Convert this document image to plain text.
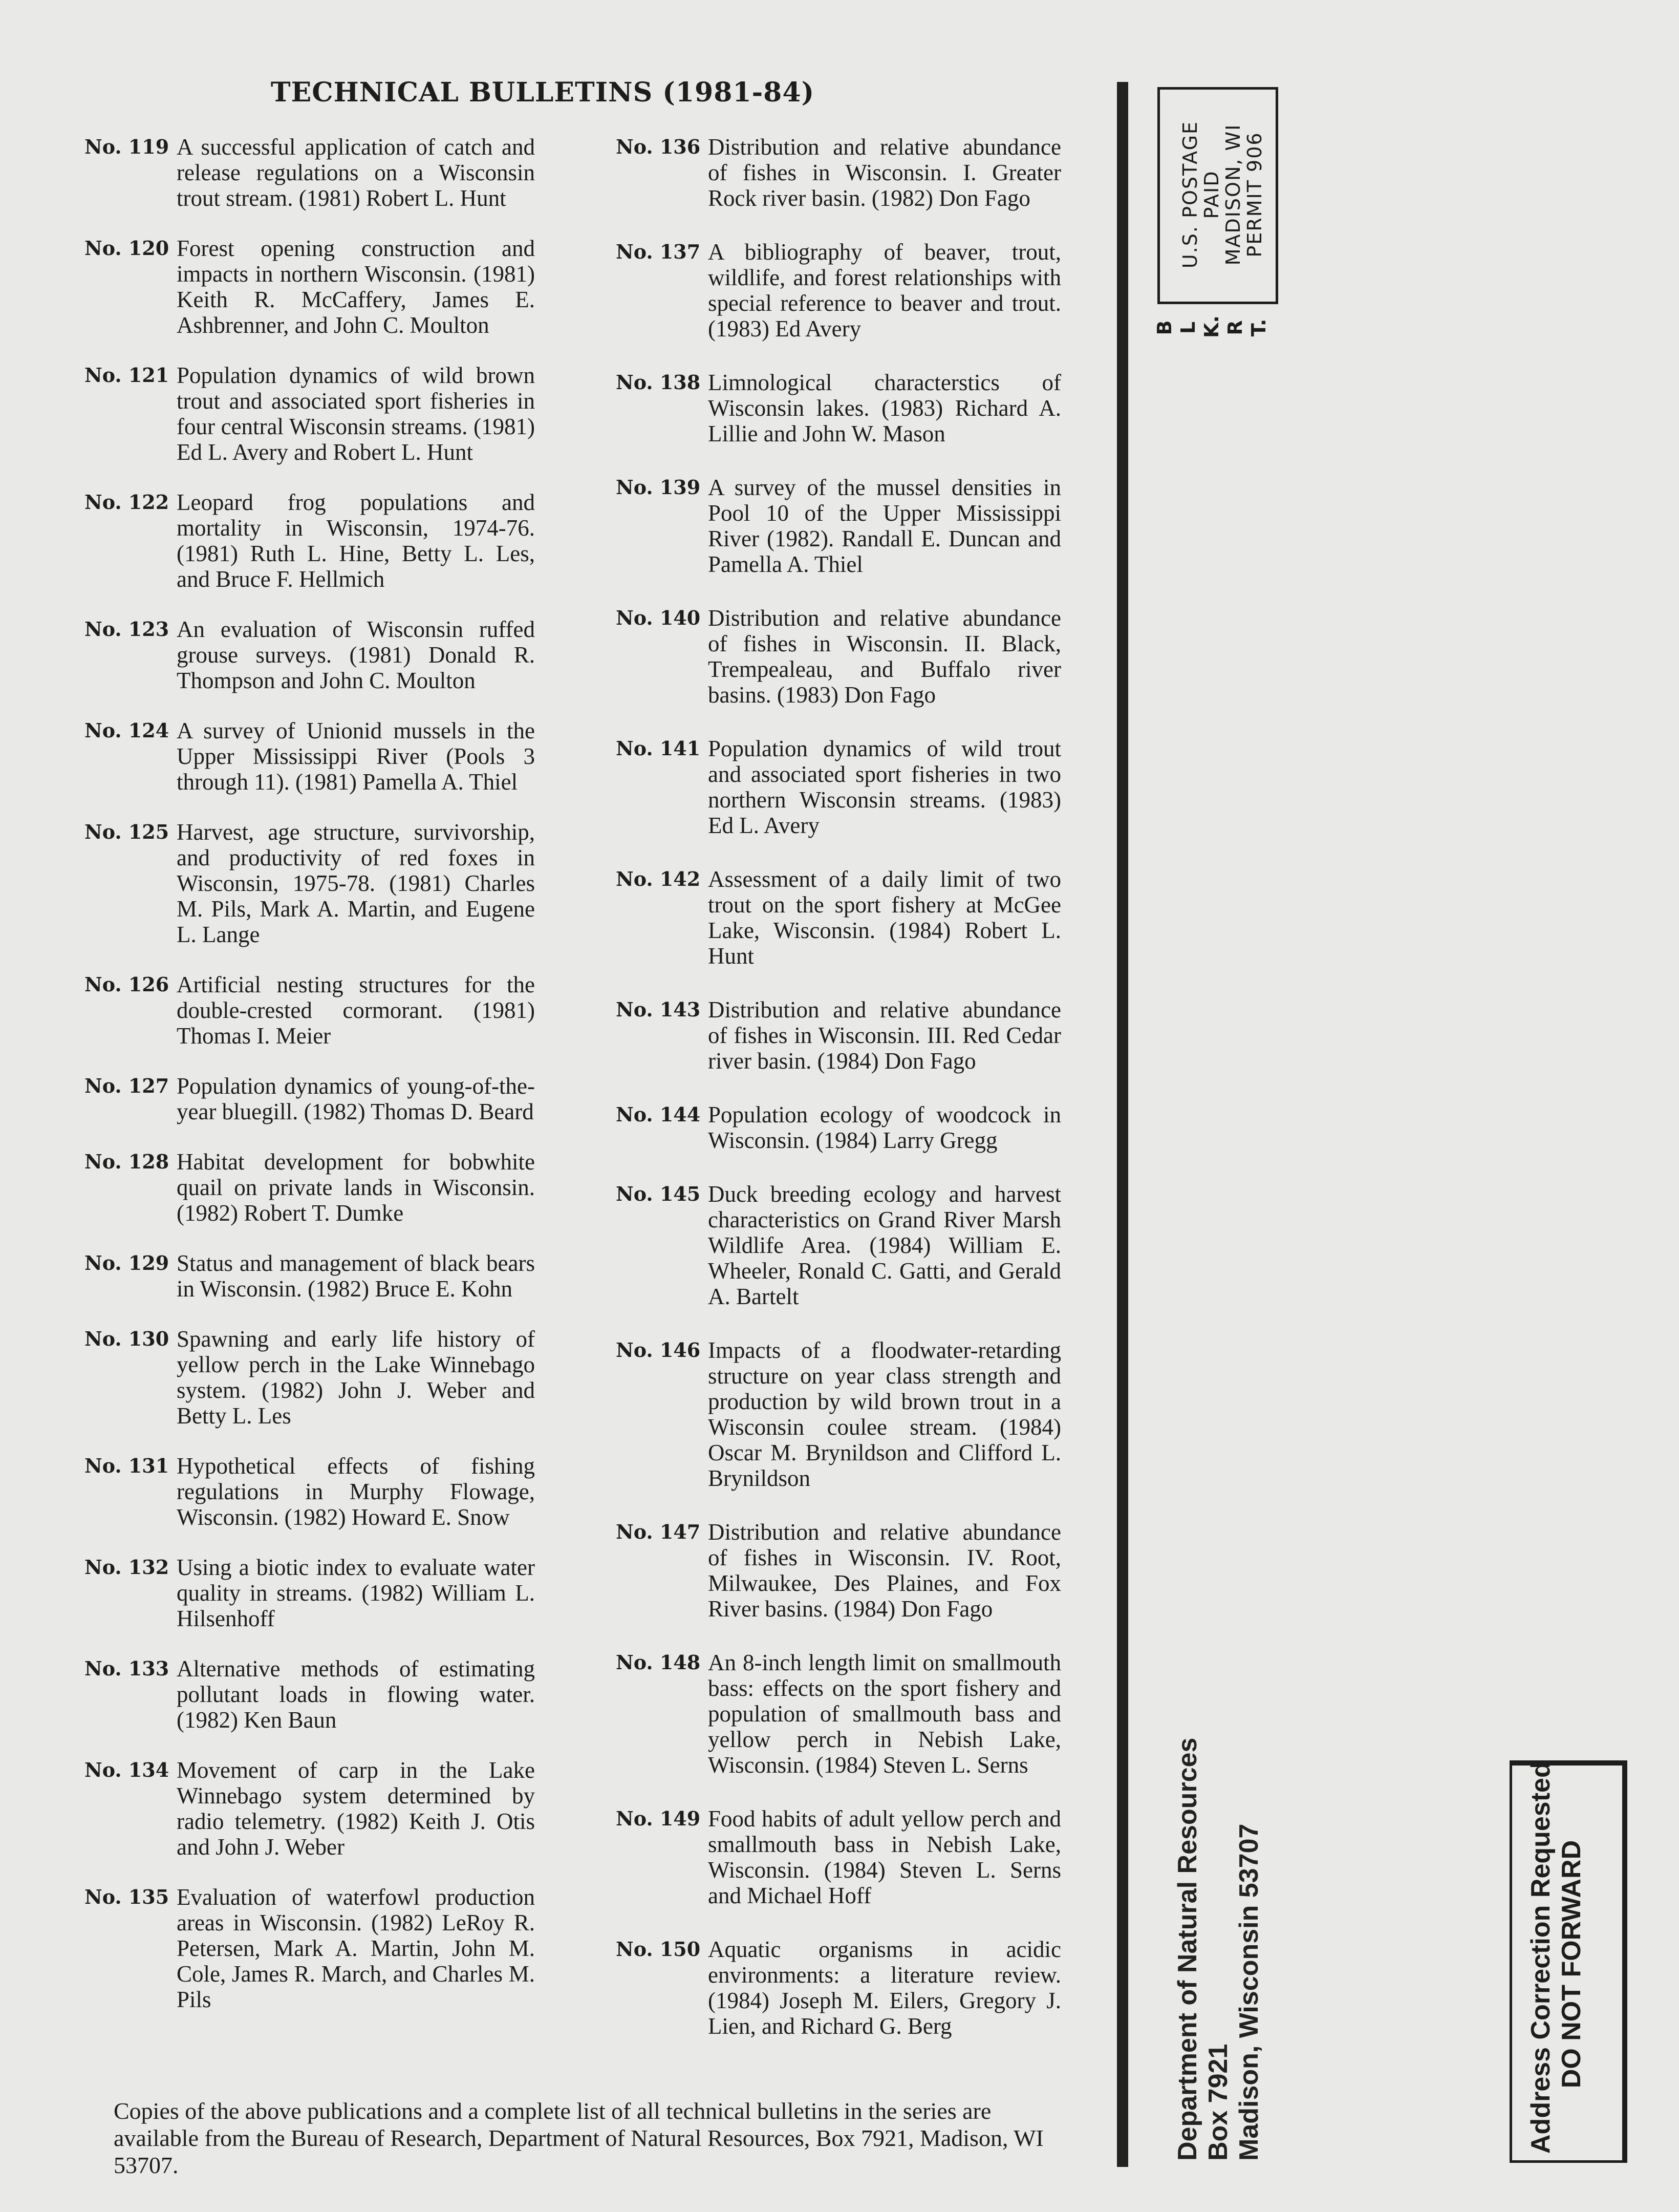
TECHNICAL BULLETINS (1981-84)
No. 119 A successful application of catch and release regulations on a Wisconsin trout stream. (1981) Robert L. Hunt
No. 120 Forest opening construction and impacts in northern Wisconsin. (1981) Keith R. McCaffery, James E. Ashbrenner, and John C. Moulton
No. 121 Population dynamics of wild brown trout and associated sport fisheries in four central Wisconsin streams. (1981) Ed L. Avery and Robert L. Hunt
No. 122 Leopard frog populations and mortality in Wisconsin, 1974-76. (1981) Ruth L. Hine, Betty L. Les, and Bruce F. Hellmich
No. 123 An evaluation of Wisconsin ruffed grouse surveys. (1981) Donald R. Thompson and John C. Moulton
No. 124 A survey of Unionid mussels in the Upper Mississippi River (Pools 3 through 11). (1981) Pamella A. Thiel
No. 125 Harvest, age structure, survivorship, and productivity of red foxes in Wisconsin, 1975-78. (1981) Charles M. Pils, Mark A. Martin, and Eugene L. Lange
No. 126 Artificial nesting structures for the double-crested cormorant. (1981) Thomas I. Meier
No. 127 Population dynamics of young-of-the-year bluegill. (1982) Thomas D. Beard
No. 128 Habitat development for bobwhite quail on private lands in Wisconsin. (1982) Robert T. Dumke
No. 129 Status and management of black bears in Wisconsin. (1982) Bruce E. Kohn
No. 130 Spawning and early life history of yellow perch in the Lake Winnebago system. (1982) John J. Weber and Betty L. Les
No. 131 Hypothetical effects of fishing regulations in Murphy Flowage, Wisconsin. (1982) Howard E. Snow
No. 132 Using a biotic index to evaluate water quality in streams. (1982) William L. Hilsenhoff
No. 133 Alternative methods of estimating pollutant loads in flowing water. (1982) Ken Baun
No. 134 Movement of carp in the Lake Winnebago system determined by radio telemetry. (1982) Keith J. Otis and John J. Weber
No. 135 Evaluation of waterfowl production areas in Wisconsin. (1982) LeRoy R. Petersen, Mark A. Martin, John M. Cole, James R. March, and Charles M. Pils
No. 136 Distribution and relative abundance of fishes in Wisconsin. I. Greater Rock river basin. (1982) Don Fago
No. 137 A bibliography of beaver, trout, wildlife, and forest relationships with special reference to beaver and trout. (1983) Ed Avery
No. 138 Limnological characterstics of Wisconsin lakes. (1983) Richard A. Lillie and John W. Mason
No. 139 A survey of the mussel densities in Pool 10 of the Upper Mississippi River (1982). Randall E. Duncan and Pamella A. Thiel
No. 140 Distribution and relative abundance of fishes in Wisconsin. II. Black, Trempealeau, and Buffalo river basins. (1983) Don Fago
No. 141 Population dynamics of wild trout and associated sport fisheries in two northern Wisconsin streams. (1983) Ed L. Avery
No. 142 Assessment of a daily limit of two trout on the sport fishery at McGee Lake, Wisconsin. (1984) Robert L. Hunt
No. 143 Distribution and relative abundance of fishes in Wisconsin. III. Red Cedar river basin. (1984) Don Fago
No. 144 Population ecology of woodcock in Wisconsin. (1984) Larry Gregg
No. 145 Duck breeding ecology and harvest characteristics on Grand River Marsh Wildlife Area. (1984) William E. Wheeler, Ronald C. Gatti, and Gerald A. Bartelt
No. 146 Impacts of a floodwater-retarding structure on year class strength and production by wild brown trout in a Wisconsin coulee stream. (1984) Oscar M. Brynildson and Clifford L. Brynildson
No. 147 Distribution and relative abundance of fishes in Wisconsin. IV. Root, Milwaukee, Des Plaines, and Fox River basins. (1984) Don Fago
No. 148 An 8-inch length limit on smallmouth bass: effects on the sport fishery and population of smallmouth bass and yellow perch in Nebish Lake, Wisconsin. (1984) Steven L. Serns
No. 149 Food habits of adult yellow perch and smallmouth bass in Nebish Lake, Wisconsin. (1984) Steven L. Serns and Michael Hoff
No. 150 Aquatic organisms in acidic environments: a literature review. (1984) Joseph M. Eilers, Gregory J. Lien, and Richard G. Berg

Copies of the above publications and a complete list of all technical bulletins in the series are available from the Bureau of Research, Department of Natural Resources, Box 7921, Madison, WI 53707.

U.S. POSTAGE
PAID
MADISON, WI
PERMIT 906
B L K. R T.
Department of Natural Resources Box 7921 Madison, Wisconsin 53707	Address Correction Requested DO NOT FORWARD
